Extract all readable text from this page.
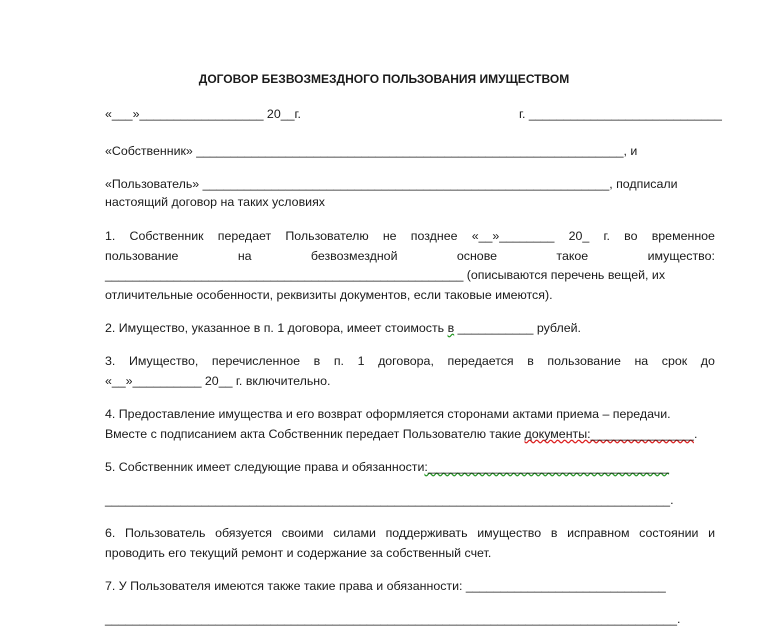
ДОГОВОР БЕЗВОЗМЕЗДНОГО ПОЛЬЗОВАНИЯ ИМУЩЕСТВОМ
«___»__________________ 20__г.	г. ____________________________
«Собственник» ______________________________________________________________, и
«Пользователь» ___________________________________________________________, подписали
настоящий договор на таких условиях
1. Собственник передает Пользователю не позднее «__»________ 20_ г. во временное
пользование	на	безвозмездной	основе	такое	имущество:
____________________________________________________ (описываются перечень вещей, их
отличительные особенности, реквизиты документов, если таковые имеются).
2. Имущество, указанное в п. 1 договора, имеет стоимость в ___________ рублей.
3. Имущество, перечисленное в п. 1 договора, передается в пользование на срок до
«__»__________ 20__ г. включительно.
4. Предоставление имущества и его возврат оформляется сторонами актами приема – передачи.
Вместе с подписанием акта Собственник передает Пользователю такие документы:_______________.
5. Собственник имеет следующие права и обязанности:___________________________________
__________________________________________________________________________________.
6. Пользователь обязуется своими силами поддерживать имущество в исправном состоянии и
проводить его текущий ремонт и содержание за собственный счет.
7. У Пользователя имеются также такие права и обязанности: _____________________________
___________________________________________________________________________________.
